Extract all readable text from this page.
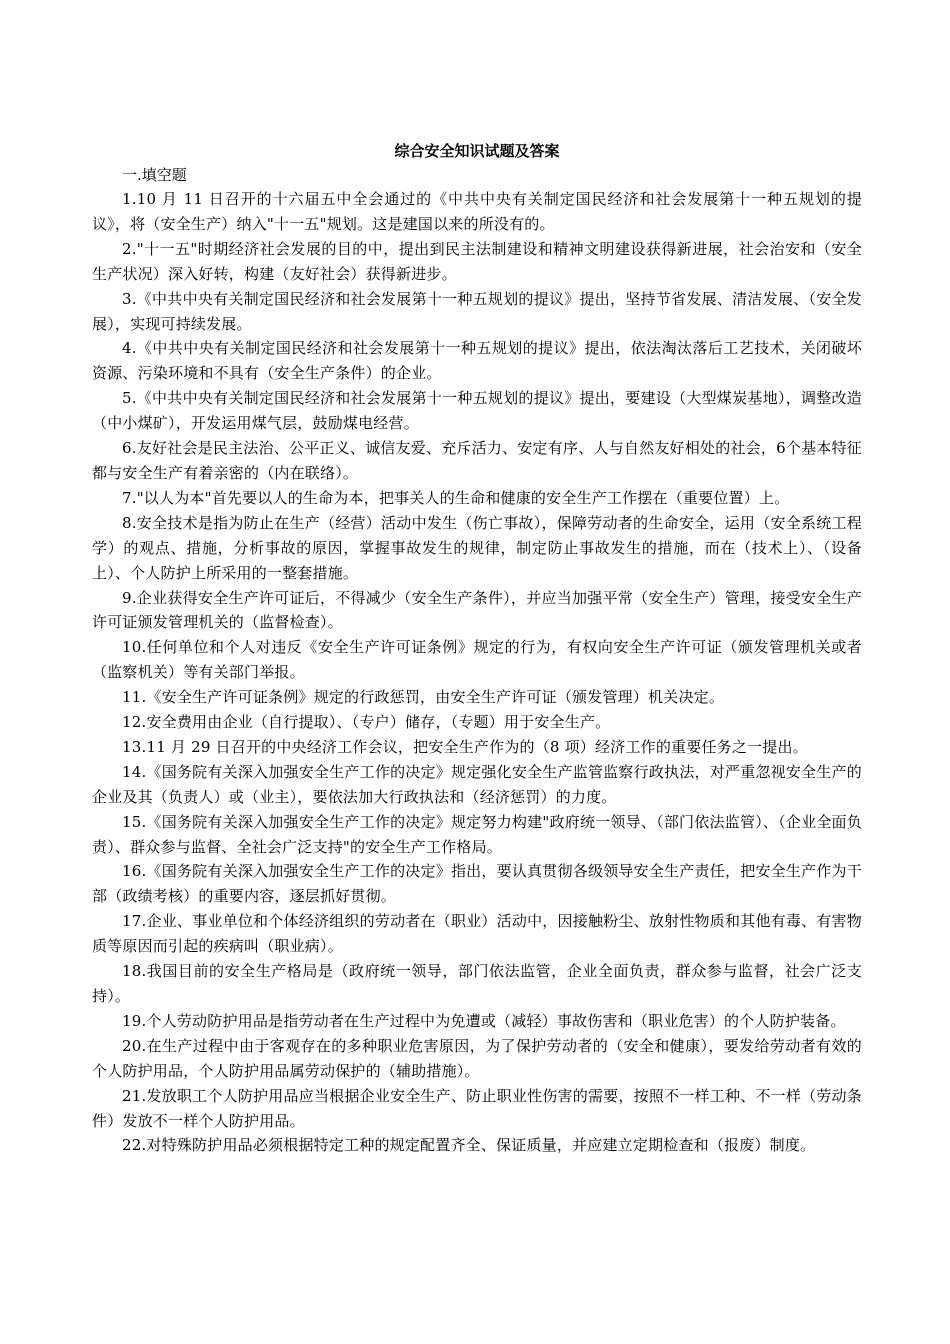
综合安全知识试题及答案

一.填空题

1.10 月 11 日召开的十六届五中全会通过的《中共中央有关制定国民经济和社会发展第十一种五规划的提议》，将（安全生产）纳入"十一五"规划。这是建国以来的所没有的。

2."十一五"时期经济社会发展的目的中，提出到民主法制建设和精神文明建设获得新进展，社会治安和（安全生产状况）深入好转，构建（友好社会）获得新进步。

3.《中共中央有关制定国民经济和社会发展第十一种五规划的提议》提出，坚持节省发展、清洁发展、（安全发展），实现可持续发展。

4.《中共中央有关制定国民经济和社会发展第十一种五规划的提议》提出，依法淘汰落后工艺技术，关闭破坏资源、污染环境和不具有（安全生产条件）的企业。

5.《中共中央有关制定国民经济和社会发展第十一种五规划的提议》提出，要建设（大型煤炭基地），调整改造（中小煤矿），开发运用煤气层，鼓励煤电经营。

6.友好社会是民主法治、公平正义、诚信友爱、充斥活力、安定有序、人与自然友好相处的社会，6个基本特征都与安全生产有着亲密的（内在联络）。

7."以人为本"首先要以人的生命为本，把事关人的生命和健康的安全生产工作摆在（重要位置）上。

8.安全技术是指为防止在生产（经营）活动中发生（伤亡事故），保障劳动者的生命安全，运用（安全系统工程学）的观点、措施，分析事故的原因，掌握事故发生的规律，制定防止事故发生的措施，而在（技术上）、（设备上）、个人防护上所采用的一整套措施。

9.企业获得安全生产许可证后，不得减少（安全生产条件），并应当加强平常（安全生产）管理，接受安全生产许可证颁发管理机关的（监督检查）。

10.任何单位和个人对违反《安全生产许可证条例》规定的行为，有权向安全生产许可证（颁发管理机关或者（监察机关）等有关部门举报。

11.《安全生产许可证条例》规定的行政惩罚，由安全生产许可证（颁发管理）机关决定。

12.安全费用由企业（自行提取）、（专户）储存，（专题）用于安全生产。

13.11 月 29 日召开的中央经济工作会议，把安全生产作为的（8 项）经济工作的重要任务之一提出。

14.《国务院有关深入加强安全生产工作的决定》规定强化安全生产监管监察行政执法，对严重忽视安全生产的企业及其（负责人）或（业主），要依法加大行政执法和（经济惩罚）的力度。

15.《国务院有关深入加强安全生产工作的决定》规定努力构建"政府统一领导、（部门依法监管）、（企业全面负责）、群众参与监督、全社会广泛支持"的安全生产工作格局。

16.《国务院有关深入加强安全生产工作的决定》指出，要认真贯彻各级领导安全生产责任，把安全生产作为干部（政绩考核）的重要内容，逐层抓好贯彻。

17.企业、事业单位和个体经济组织的劳动者在（职业）活动中，因接触粉尘、放射性物质和其他有毒、有害物质等原因而引起的疾病叫（职业病）。

18.我国目前的安全生产格局是（政府统一领导，部门依法监管，企业全面负责，群众参与监督，社会广泛支持）。

19.个人劳动防护用品是指劳动者在生产过程中为免遭或（减轻）事故伤害和（职业危害）的个人防护装备。

20.在生产过程中由于客观存在的多种职业危害原因，为了保护劳动者的（安全和健康），要发给劳动者有效的个人防护用品，个人防护用品属劳动保护的（辅助措施）。

21.发放职工个人防护用品应当根据企业安全生产、防止职业性伤害的需要，按照不一样工种、不一样（劳动条件）发放不一样个人防护用品。

22.对特殊防护用品必须根据特定工种的规定配置齐全、保证质量，并应建立定期检查和（报废）制度。
